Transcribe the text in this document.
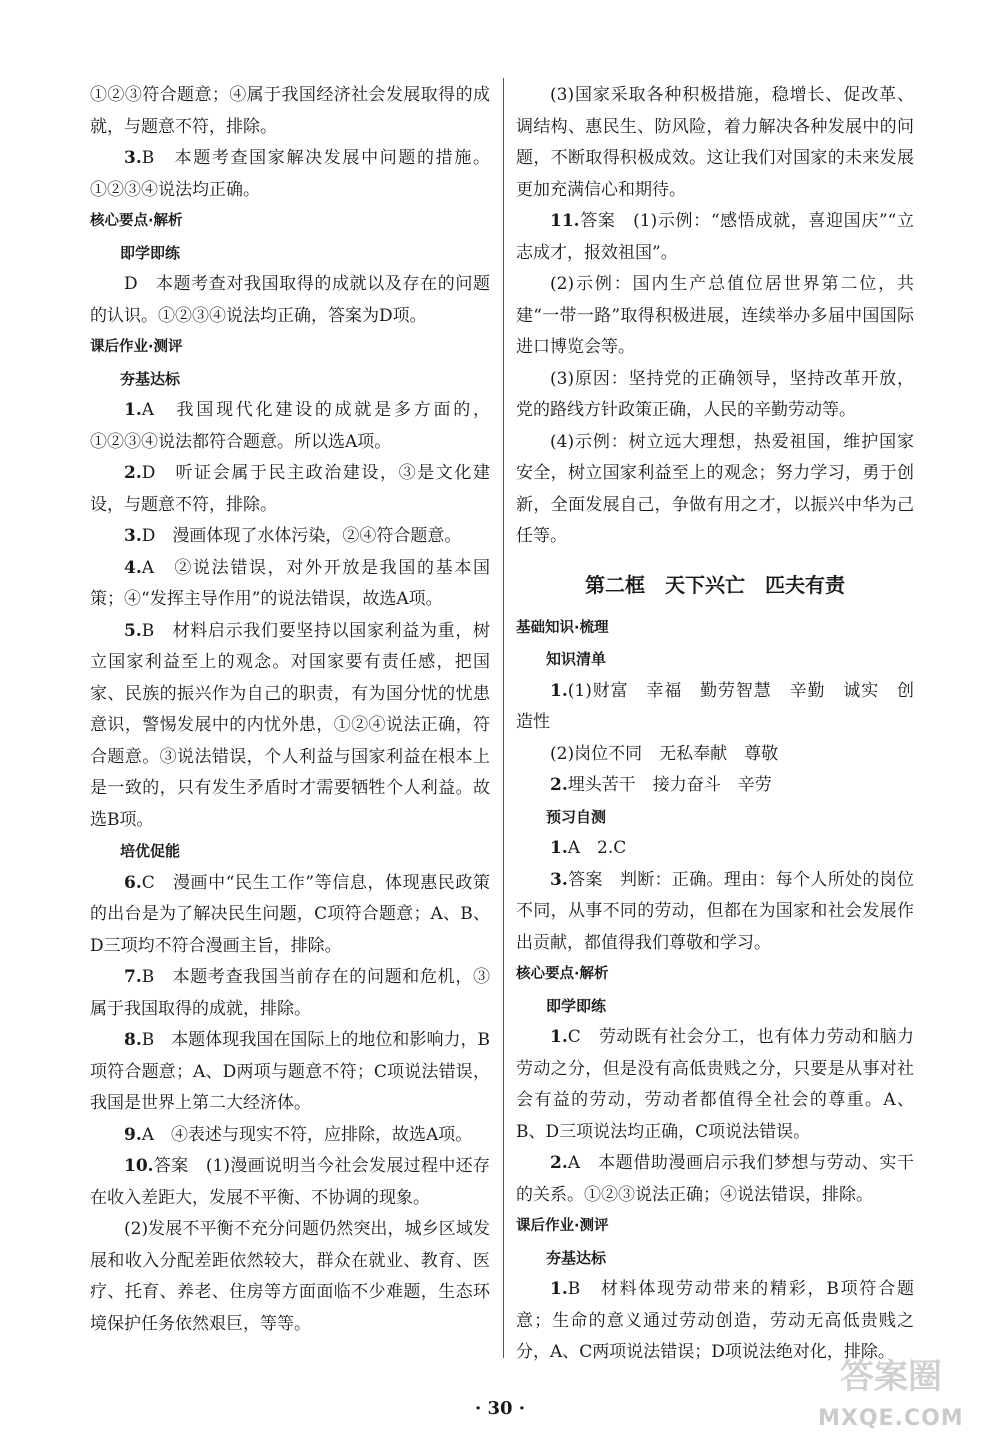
①②③符合题意；④属于我国经济社会发展取得的成就，与题意不符，排除。

3.B　本题考查国家解决发展中问题的措施。①②③④说法均正确。

核心要点·解析
即学即练

D　本题考查对我国取得的成就以及存在的问题的认识。①②③④说法均正确，答案为D项。

课后作业·测评
夯基达标

1.A　我国现代化建设的成就是多方面的，①②③④说法都符合题意。所以选A项。

2.D　听证会属于民主政治建设，③是文化建设，与题意不符，排除。

3.D　漫画体现了水体污染，②④符合题意。

4.A　②说法错误，对外开放是我国的基本国策；④“发挥主导作用”的说法错误，故选A项。

5.B　材料启示我们要坚持以国家利益为重，树立国家利益至上的观念。对国家要有责任感，把国家、民族的振兴作为自己的职责，有为国分忧的忧患意识，警惕发展中的内忧外患，①②④说法正确，符合题意。③说法错误，个人利益与国家利益在根本上是一致的，只有发生矛盾时才需要牺牲个人利益。故选B项。

培优促能

6.C　漫画中“民生工作”等信息，体现惠民政策的出台是为了解决民生问题，C项符合题意；A、B、D三项均不符合漫画主旨，排除。

7.B　本题考查我国当前存在的问题和危机，③属于我国取得的成就，排除。

8.B　本题体现我国在国际上的地位和影响力，B项符合题意；A、D两项与题意不符；C项说法错误，我国是世界上第二大经济体。

9.A　④表述与现实不符，应排除，故选A项。

10.答案　(1)漫画说明当今社会发展过程中还存在收入差距大，发展不平衡、不协调的现象。

(2)发展不平衡不充分问题仍然突出，城乡区域发展和收入分配差距依然较大，群众在就业、教育、医疗、托育、养老、住房等方面面临不少难题，生态环境保护任务依然艰巨，等等。

(3)国家采取各种积极措施，稳增长、促改革、调结构、惠民生、防风险，着力解决各种发展中的问题，不断取得积极成效。这让我们对国家的未来发展更加充满信心和期待。

11.答案　(1)示例：“感悟成就，喜迎国庆”“立志成才，报效祖国”。

(2)示例：国内生产总值位居世界第二位，共建“一带一路”取得积极进展，连续举办多届中国国际进口博览会等。

(3)原因：坚持党的正确领导，坚持改革开放，党的路线方针政策正确，人民的辛勤劳动等。

(4)示例：树立远大理想，热爱祖国，维护国家安全，树立国家利益至上的观念；努力学习，勇于创新，全面发展自己，争做有用之才，以振兴中华为己任等。

第二框　天下兴亡　匹夫有责
基础知识·梳理
知识清单

1.(1)财富　幸福　勤劳智慧　辛勤　诚实　创造性

(2)岗位不同　无私奉献　尊敬

2.埋头苦干　接力奋斗　辛劳

预习自测

1.A　2.C

3.答案　判断：正确。理由：每个人所处的岗位不同，从事不同的劳动，但都在为国家和社会发展作出贡献，都值得我们尊敬和学习。

核心要点·解析
即学即练

1.C　劳动既有社会分工，也有体力劳动和脑力劳动之分，但是没有高低贵贱之分，只要是从事对社会有益的劳动，劳动者都值得全社会的尊重。A、B、D三项说法均正确，C项说法错误。

2.A　本题借助漫画启示我们梦想与劳动、实干的关系。①②③说法正确；④说法错误，排除。

课后作业·测评
夯基达标

1.B　材料体现劳动带来的精彩，B项符合题意；生命的意义通过劳动创造，劳动无高低贵贱之分，A、C两项说法错误；D项说法绝对化，排除。

· 30 ·
答案圈
MXQE.COM
